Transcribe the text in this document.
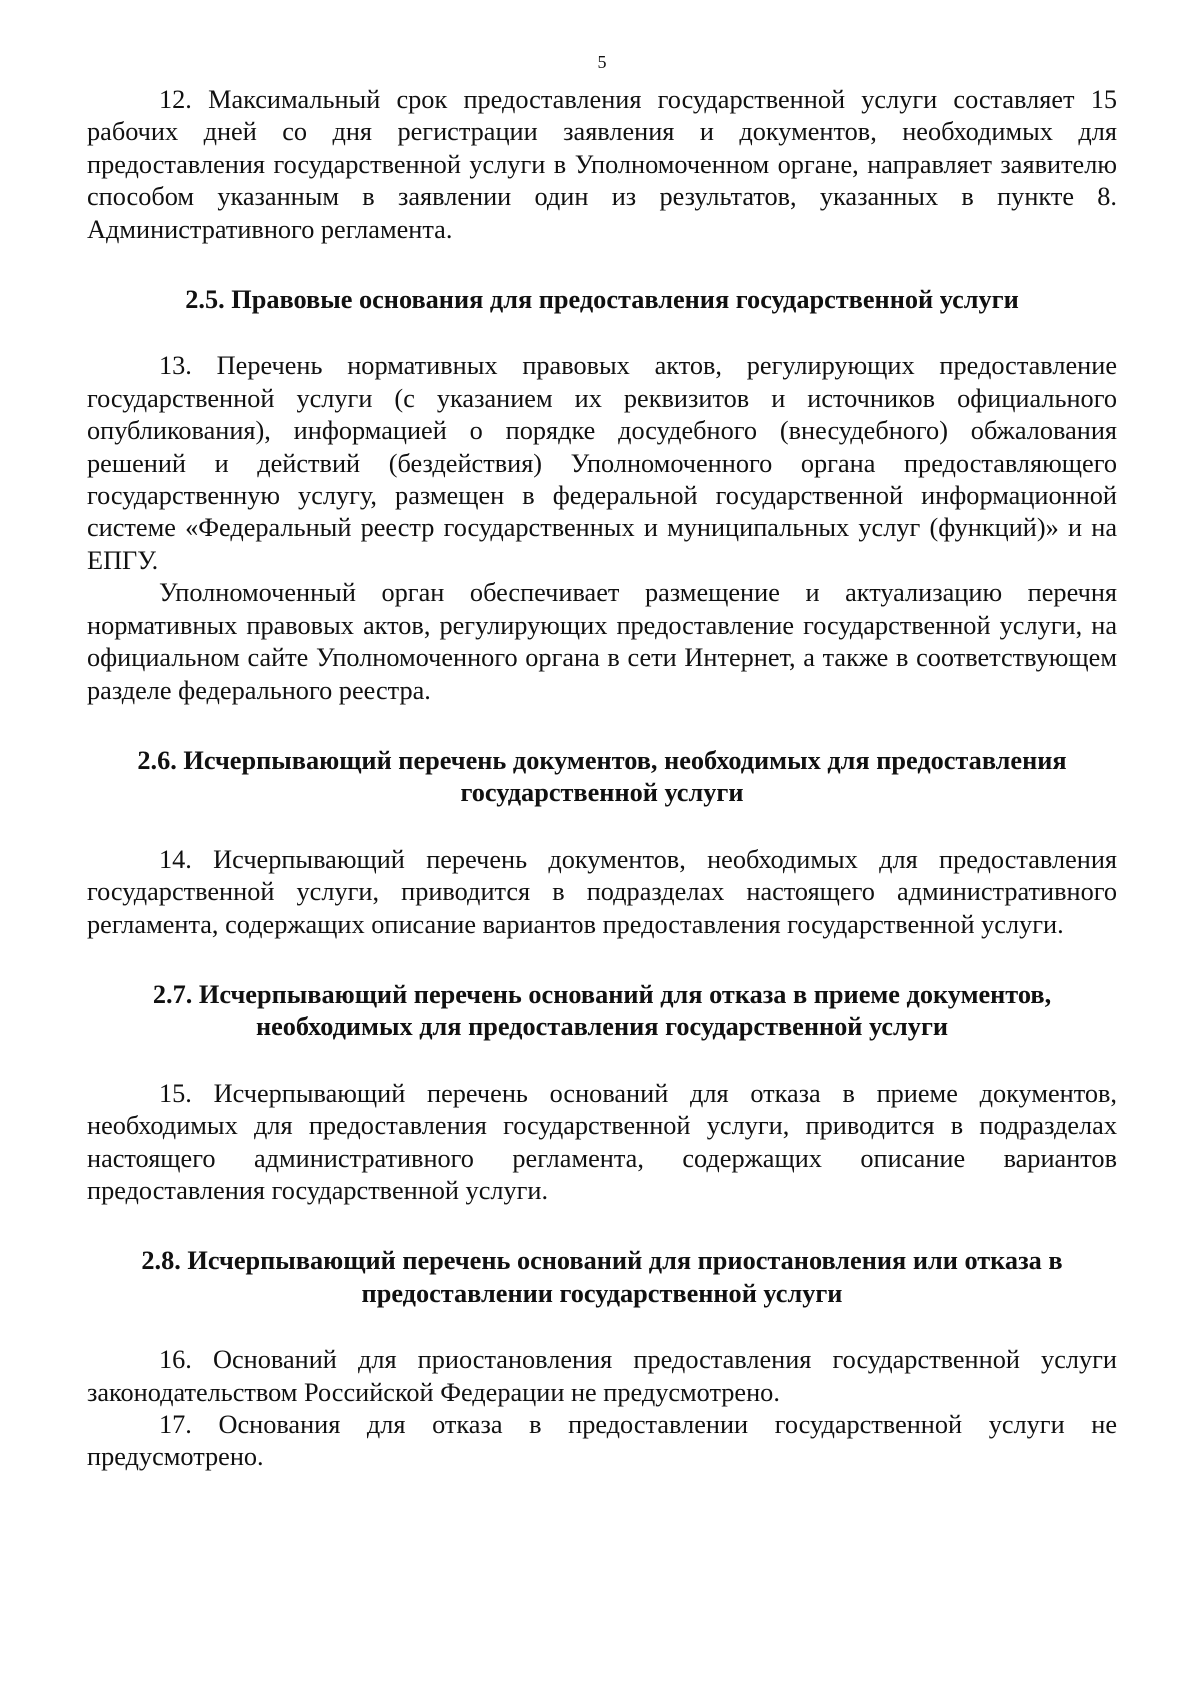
5

12. Максимальный срок предоставления государственной услуги составляет 15 рабочих дней со дня регистрации заявления и документов, необходимых для предоставления государственной услуги в Уполномоченном органе, направляет заявителю способом указанным в заявлении один из результатов, указанных в пункте 8. Административного регламента.

2.5. Правовые основания для предоставления государственной услуги

13. Перечень нормативных правовых актов, регулирующих предоставление государственной услуги (с указанием их реквизитов и источников официального опубликования), информацией о порядке досудебного (внесудебного) обжалования решений и действий (бездействия) Уполномоченного органа предоставляющего государственную услугу, размещен в федеральной государственной информационной системе «Федеральный реестр государственных и муниципальных услуг (функций)» и на ЕПГУ.

Уполномоченный орган обеспечивает размещение и актуализацию перечня нормативных правовых актов, регулирующих предоставление государственной услуги, на официальном сайте Уполномоченного органа в сети Интернет, а также в соответствующем разделе федерального реестра.

2.6. Исчерпывающий перечень документов, необходимых для предоставления государственной услуги

14. Исчерпывающий перечень документов, необходимых для предоставления государственной услуги, приводится в подразделах настоящего административного регламента, содержащих описание вариантов предоставления государственной услуги.

2.7. Исчерпывающий перечень оснований для отказа в приеме документов, необходимых для предоставления государственной услуги

15. Исчерпывающий перечень оснований для отказа в приеме документов, необходимых для предоставления государственной услуги, приводится в подразделах настоящего административного регламента, содержащих описание вариантов предоставления государственной услуги.

2.8. Исчерпывающий перечень оснований для приостановления или отказа в предоставлении государственной услуги

16. Оснований для приостановления предоставления государственной услуги законодательством Российской Федерации не предусмотрено.

17. Основания для отказа в предоставлении государственной услуги не предусмотрено.
